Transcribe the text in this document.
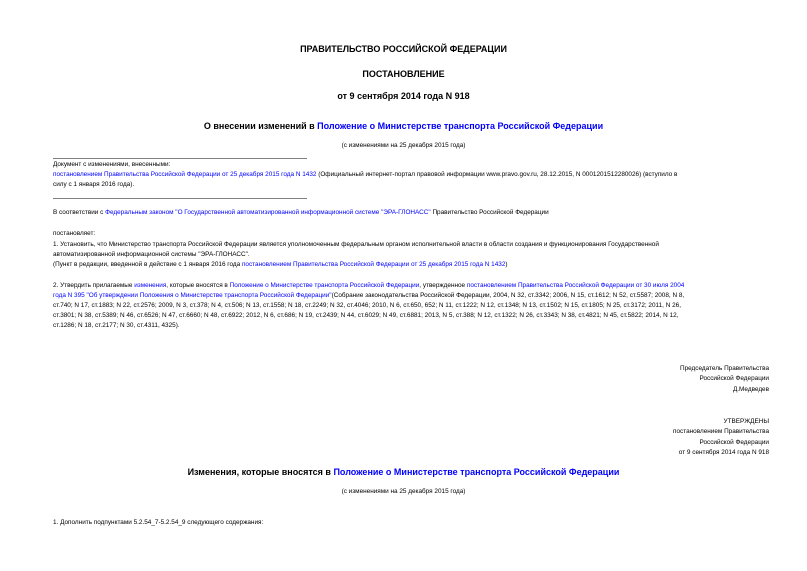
ПРАВИТЕЛЬСТВО РОССИЙСКОЙ ФЕДЕРАЦИИ
ПОСТАНОВЛЕНИЕ
от 9 сентября 2014 года N 918
О внесении изменений в Положение о Министерстве транспорта Российской Федерации
(с изменениями на 25 декабря 2015 года)
Документ с изменениями, внесенными:
постановлением Правительства Российской Федерации от 25 декабря 2015 года N 1432 (Официальный интернет-портал правовой информации www.pravo.gov.ru, 28.12.2015, N 0001201512280026) (вступило в
силу с 1 января 2016 года).
В соответствии с Федеральным законом "О Государственной автоматизированной информационной системе "ЭРА-ГЛОНАСС" Правительство Российской Федерации
постановляет:
1. Установить, что Министерство транспорта Российской Федерации является уполномоченным федеральным органом исполнительной власти в области создания и функционирования Государственной
автоматизированной информационной системы "ЭРА-ГЛОНАСС".
(Пункт в редакции, введенной в действие с 1 января 2016 года постановлением Правительства Российской Федерации от 25 декабря 2015 года N 1432)
2. Утвердить прилагаемые изменения, которые вносятся в Положение о Министерстве транспорта Российской Федерации, утвержденное постановлением Правительства Российской Федерации от 30 июля 2004
года N 395 "Об утверждении Положения о Министерстве транспорта Российской Федерации"(Собрание законодательства Российской Федерации, 2004, N 32, ст.3342; 2006, N 15, ст.1612; N 52, ст.5587; 2008, N 8,
ст.740; N 17, ст.1883; N 22, ст.2576; 2009, N 3, ст.378; N 4, ст.506; N 13, ст.1558; N 18, ст.2249; N 32, ст.4046; 2010, N 6, ст.650, 652; N 11, ст.1222; N 12, ст.1348; N 13, ст.1502; N 15, ст.1805; N 25, ст.3172; 2011, N 26,
ст.3801; N 38, ст.5389; N 46, ст.6526; N 47, ст.6660; N 48, ст.6922; 2012, N 6, ст.686; N 19, ст.2439; N 44, ст.6029; N 49, ст.6881; 2013, N 5, ст.388; N 12, ст.1322; N 26, ст.3343; N 38, ст.4821; N 45, ст.5822; 2014, N 12,
ст.1286; N 18, ст.2177; N 30, ст.4311, 4325).
Председатель Правительства
Российской Федерации
Д.Медведев
УТВЕРЖДЕНЫ
постановлением Правительства
Российской Федерации
от 9 сентября 2014 года N 918
Изменения, которые вносятся в Положение о Министерстве транспорта Российской Федерации
(с изменениями на 25 декабря 2015 года)
1. Дополнить подпунктами 5.2.54_7-5.2.54_9 следующего содержания:
